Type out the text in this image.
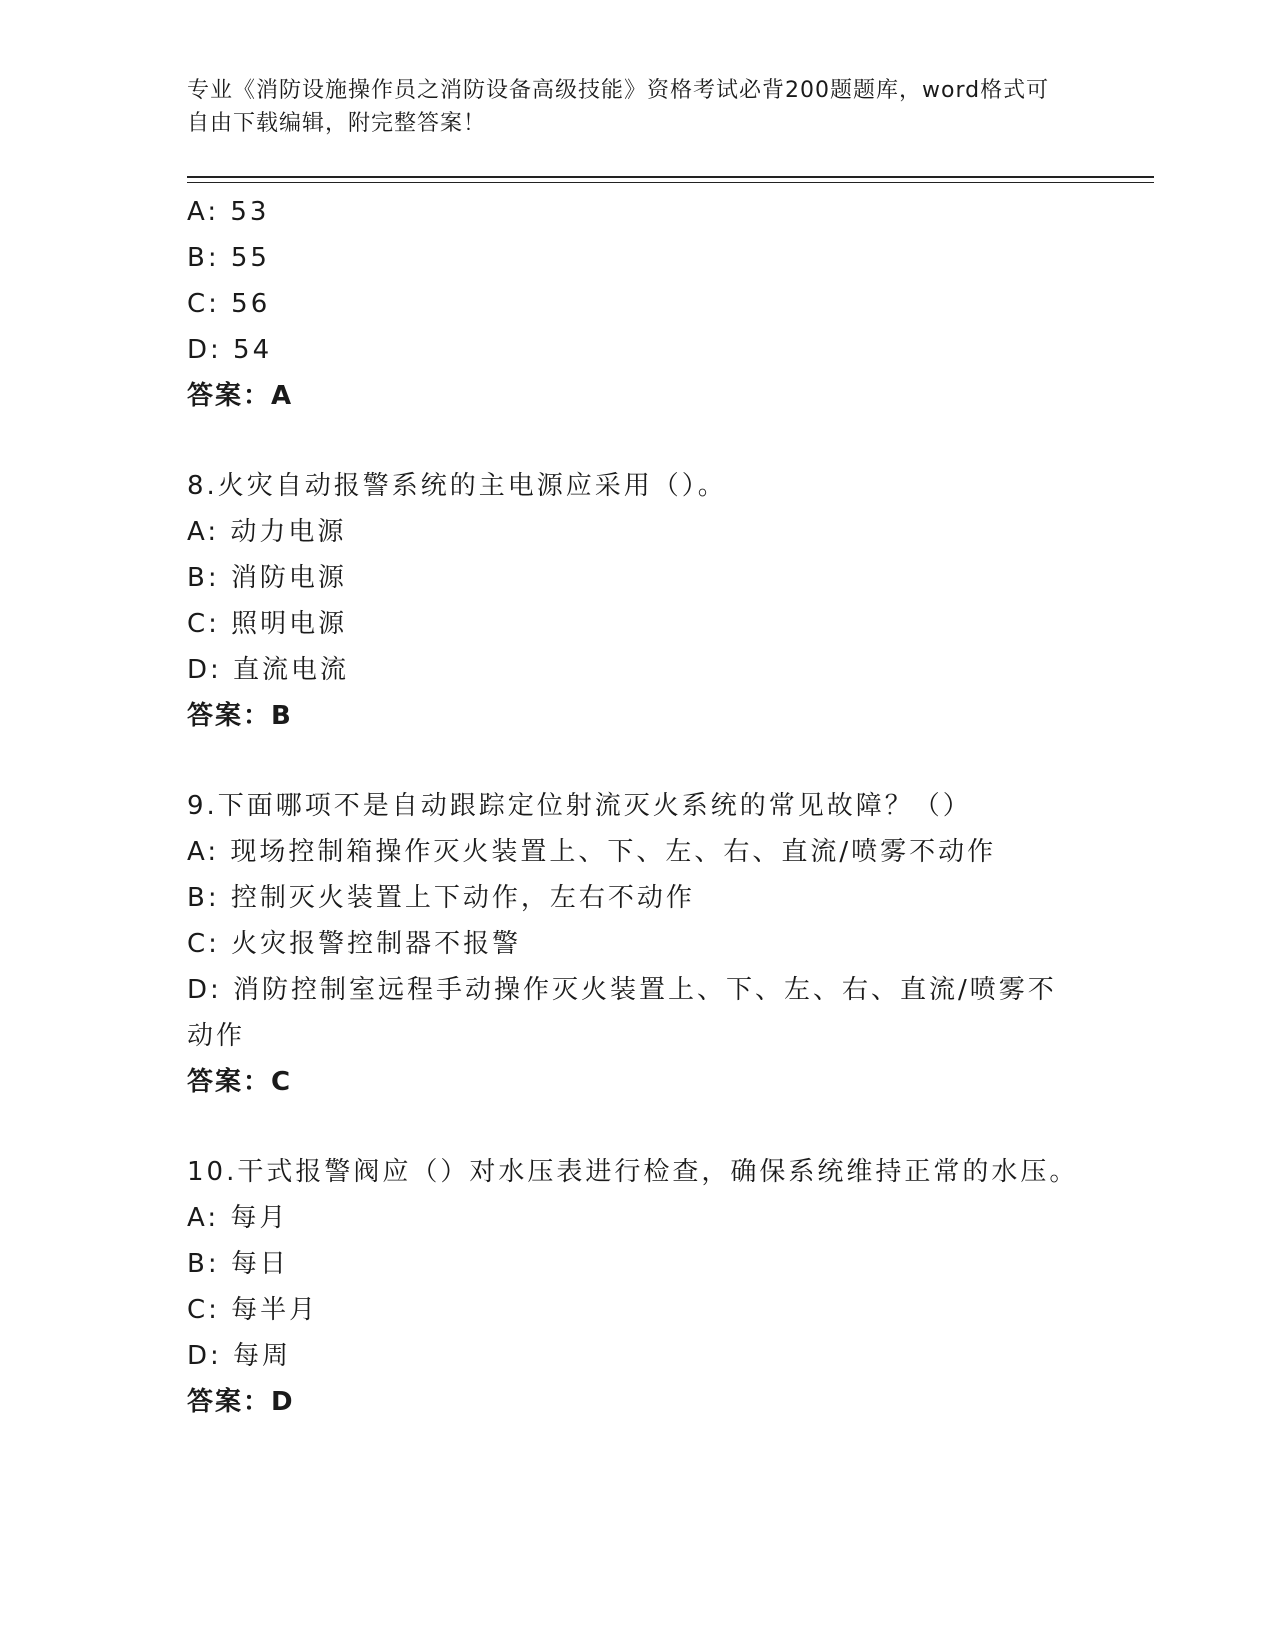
专业《消防设施操作员之消防设备高级技能》资格考试必背200题题库，word格式可自由下载编辑，附完整答案！
A: 53
B: 55
C: 56
D: 54
答案：A
8.火灾自动报警系统的主电源应采用（）。
A: 动力电源
B: 消防电源
C: 照明电源
D: 直流电流
答案：B
9.下面哪项不是自动跟踪定位射流灭火系统的常见故障？（）
A: 现场控制箱操作灭火装置上、下、左、右、直流/喷雾不动作
B: 控制灭火装置上下动作，左右不动作
C: 火灾报警控制器不报警
D: 消防控制室远程手动操作灭火装置上、下、左、右、直流/喷雾不动作
答案：C
10.干式报警阀应（）对水压表进行检查，确保系统维持正常的水压。
A: 每月
B: 每日
C: 每半月
D: 每周
答案：D
